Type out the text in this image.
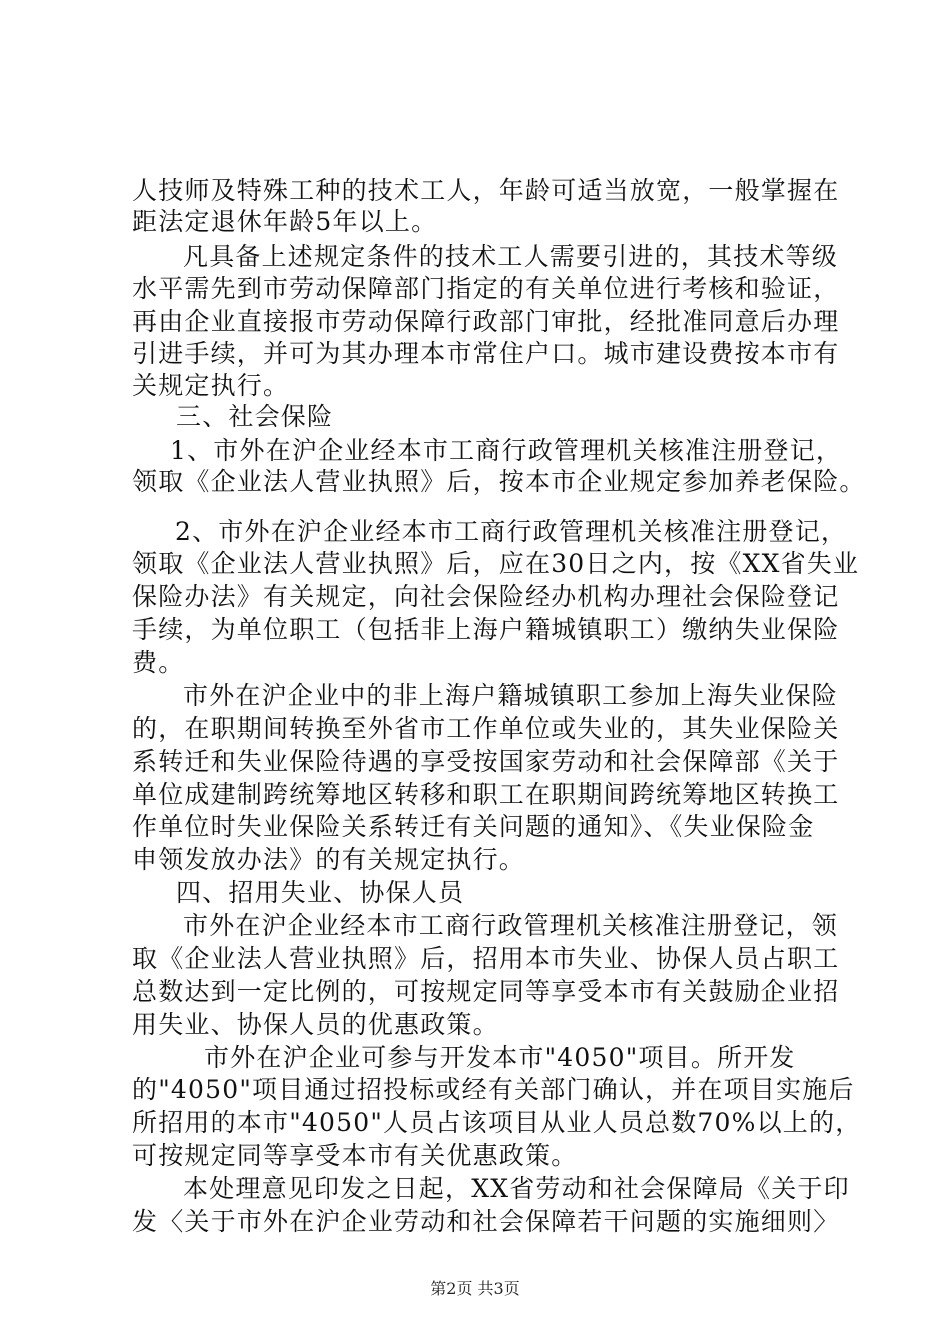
人技师及特殊工种的技术工人，年龄可适当放宽，一般掌握在
距法定退休年龄5年以上。
凡具备上述规定条件的技术工人需要引进的，其技术等级
水平需先到市劳动保障部门指定的有关单位进行考核和验证，
再由企业直接报市劳动保障行政部门审批，经批准同意后办理
引进手续，并可为其办理本市常住户口。城市建设费按本市有
关规定执行。
三、社会保险
1、市外在沪企业经本市工商行政管理机关核准注册登记，
领取《企业法人营业执照》后，按本市企业规定参加养老保险。
2、市外在沪企业经本市工商行政管理机关核准注册登记，
领取《企业法人营业执照》后，应在30日之内，按《XX省失业
保险办法》有关规定，向社会保险经办机构办理社会保险登记
手续，为单位职工（包括非上海户籍城镇职工）缴纳失业保险
费。
市外在沪企业中的非上海户籍城镇职工参加上海失业保险
的，在职期间转换至外省市工作单位或失业的，其失业保险关
系转迁和失业保险待遇的享受按国家劳动和社会保障部《关于
单位成建制跨统筹地区转移和职工在职期间跨统筹地区转换工
作单位时失业保险关系转迁有关问题的通知》、《失业保险金
申领发放办法》的有关规定执行。
四、招用失业、协保人员
市外在沪企业经本市工商行政管理机关核准注册登记，领
取《企业法人营业执照》后，招用本市失业、协保人员占职工
总数达到一定比例的，可按规定同等享受本市有关鼓励企业招
用失业、协保人员的优惠政策。
市外在沪企业可参与开发本市"4050"项目。所开发
的"4050"项目通过招投标或经有关部门确认，并在项目实施后
所招用的本市"4050"人员占该项目从业人员总数70%以上的，
可按规定同等享受本市有关优惠政策。
本处理意见印发之日起，XX省劳动和社会保障局《关于印
发〈关于市外在沪企业劳动和社会保障若干问题的实施细则〉
第2页 共3页
